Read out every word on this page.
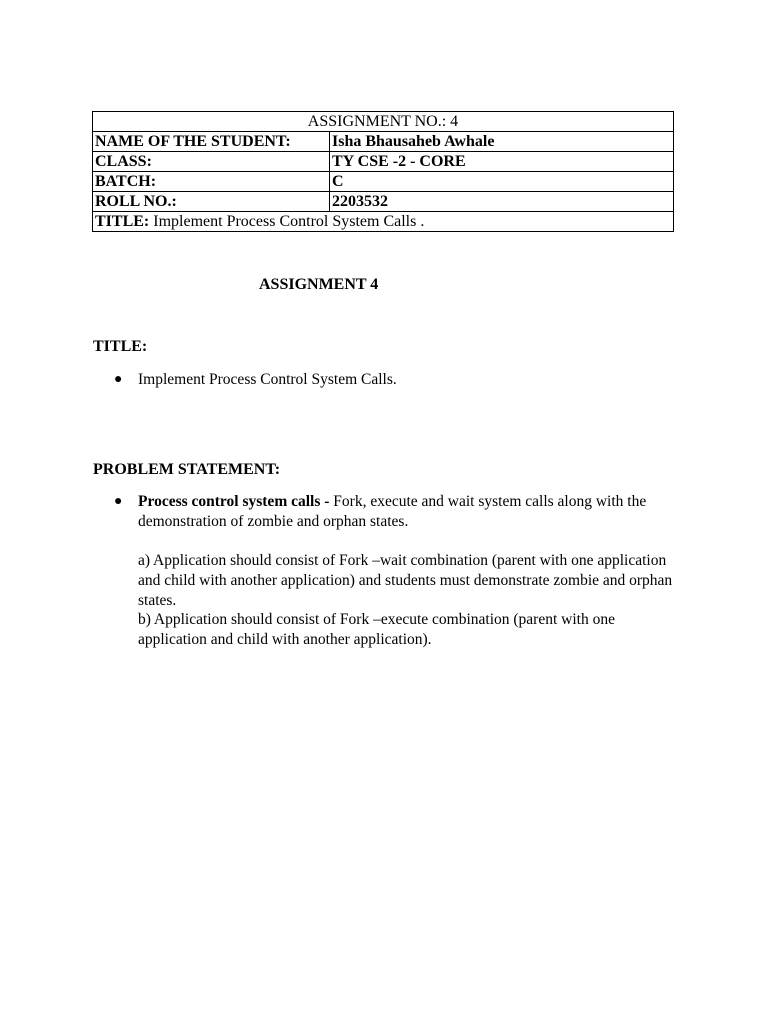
ASSIGNMENT NO.: 4	
NAME OF THE STUDENT:	Isha Bhausaheb Awhale
CLASS:	TY CSE -2 - CORE
BATCH:	C
ROLL NO.:	2203532
TITLE: Implement Process Control System Calls .	
ASSIGNMENT 4
TITLE:
● Implement Process Control System Calls.
PROBLEM STATEMENT:
● Process control system calls - Fork, execute and wait system calls along with the demonstration of zombie and orphan states.
a) Application should consist of Fork –wait combination (parent with one application and child with another application) and students must demonstrate zombie and orphan states.
b) Application should consist of Fork –execute combination (parent with one application and child with another application).
